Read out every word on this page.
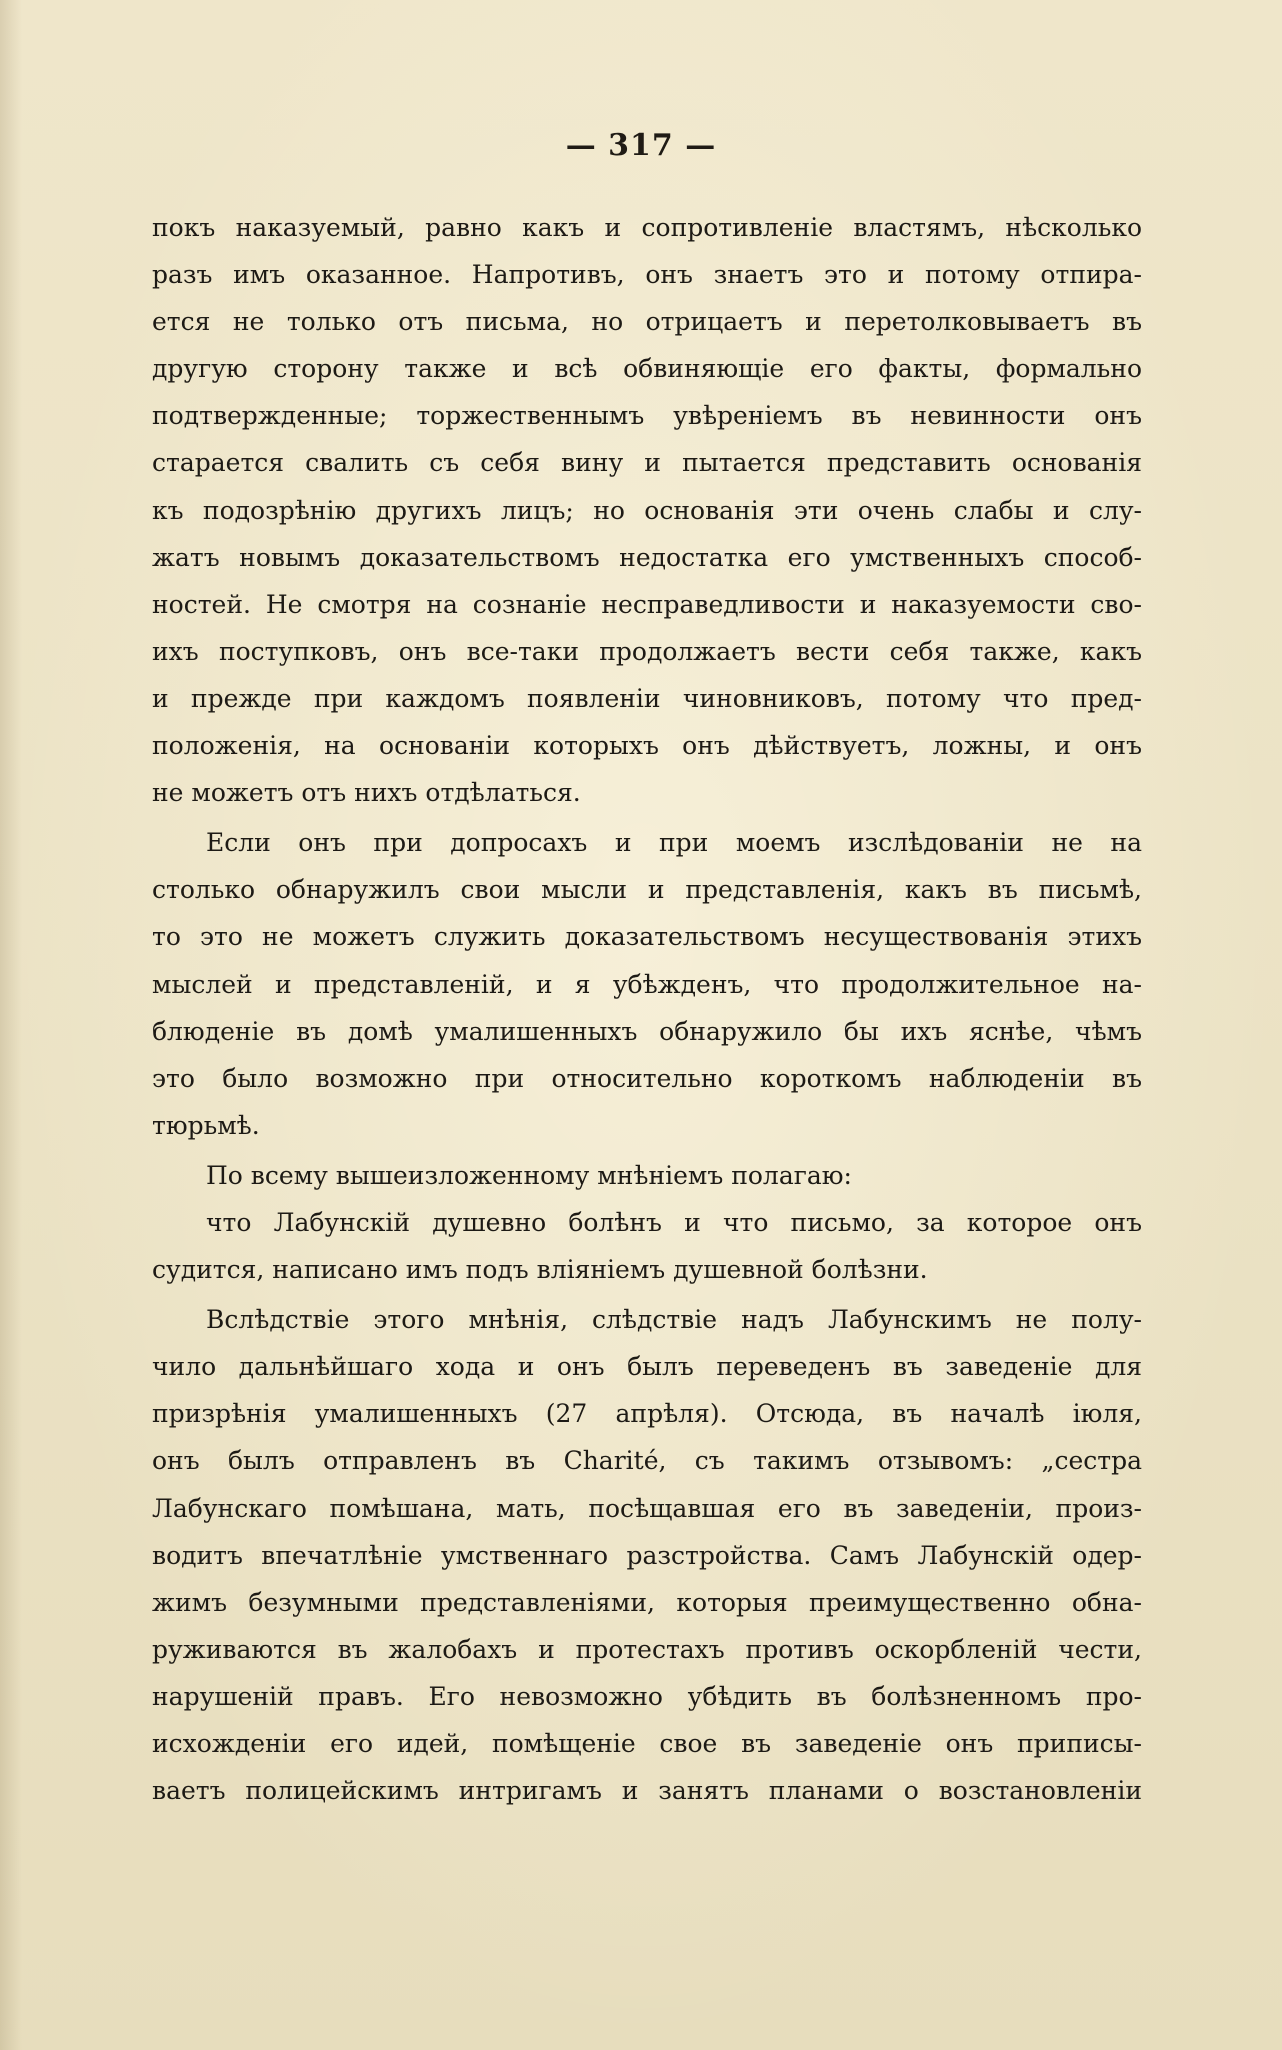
— 317 —
покъ наказуемый, равно какъ и сопротивленіе властямъ, нѣсколько
разъ имъ оказанное. Напротивъ, онъ знаетъ это и потому отпира-
ется не только отъ письма, но отрицаетъ и перетолковываетъ въ
другую сторону также и всѣ обвиняющіе его факты, формально
подтвержденные; торжественнымъ увѣреніемъ въ невинности онъ
старается свалить съ себя вину и пытается представить основанія
къ подозрѣнію другихъ лицъ; но основанія эти очень слабы и слу-
жатъ новымъ доказательствомъ недостатка его умственныхъ способ-
ностей. Не смотря на сознаніе несправедливости и наказуемости сво-
ихъ поступковъ, онъ все-таки продолжаетъ вести себя также, какъ
и прежде при каждомъ появленіи чиновниковъ, потому что пред-
положенія, на основаніи которыхъ онъ дѣйствуетъ, ложны, и онъ
не можетъ отъ нихъ отдѣлаться.
Если онъ при допросахъ и при моемъ изслѣдованіи не на
столько обнаружилъ свои мысли и представленія, какъ въ письмѣ,
то это не можетъ служить доказательствомъ несуществованія этихъ
мыслей и представленій, и я убѣжденъ, что продолжительное на-
блюденіе въ домѣ умалишенныхъ обнаружило бы ихъ яснѣе, чѣмъ
это было возможно при относительно короткомъ наблюденіи въ
тюрьмѣ.
По всему вышеизложенному мнѣніемъ полагаю:
что Лабунскій душевно болѣнъ и что письмо, за которое онъ
судится, написано имъ подъ вліяніемъ душевной болѣзни.
Вслѣдствіе этого мнѣнія, слѣдствіе надъ Лабунскимъ не полу-
чило дальнѣйшаго хода и онъ былъ переведенъ въ заведеніе для
призрѣнія умалишенныхъ (27 апрѣля). Отсюда, въ началѣ іюля,
онъ былъ отправленъ въ Charité, съ такимъ отзывомъ: „сестра
Лабунскаго помѣшана, мать, посѣщавшая его въ заведеніи, произ-
водитъ впечатлѣніе умственнаго разстройства. Самъ Лабунскій одер-
жимъ безумными представленіями, которыя преимущественно обна-
руживаются въ жалобахъ и протестахъ противъ оскорбленій чести,
нарушеній правъ. Его невозможно убѣдить въ болѣзненномъ про-
исхожденіи его идей, помѣщеніе свое въ заведеніе онъ приписы-
ваетъ полицейскимъ интригамъ и занятъ планами о возстановленіи
